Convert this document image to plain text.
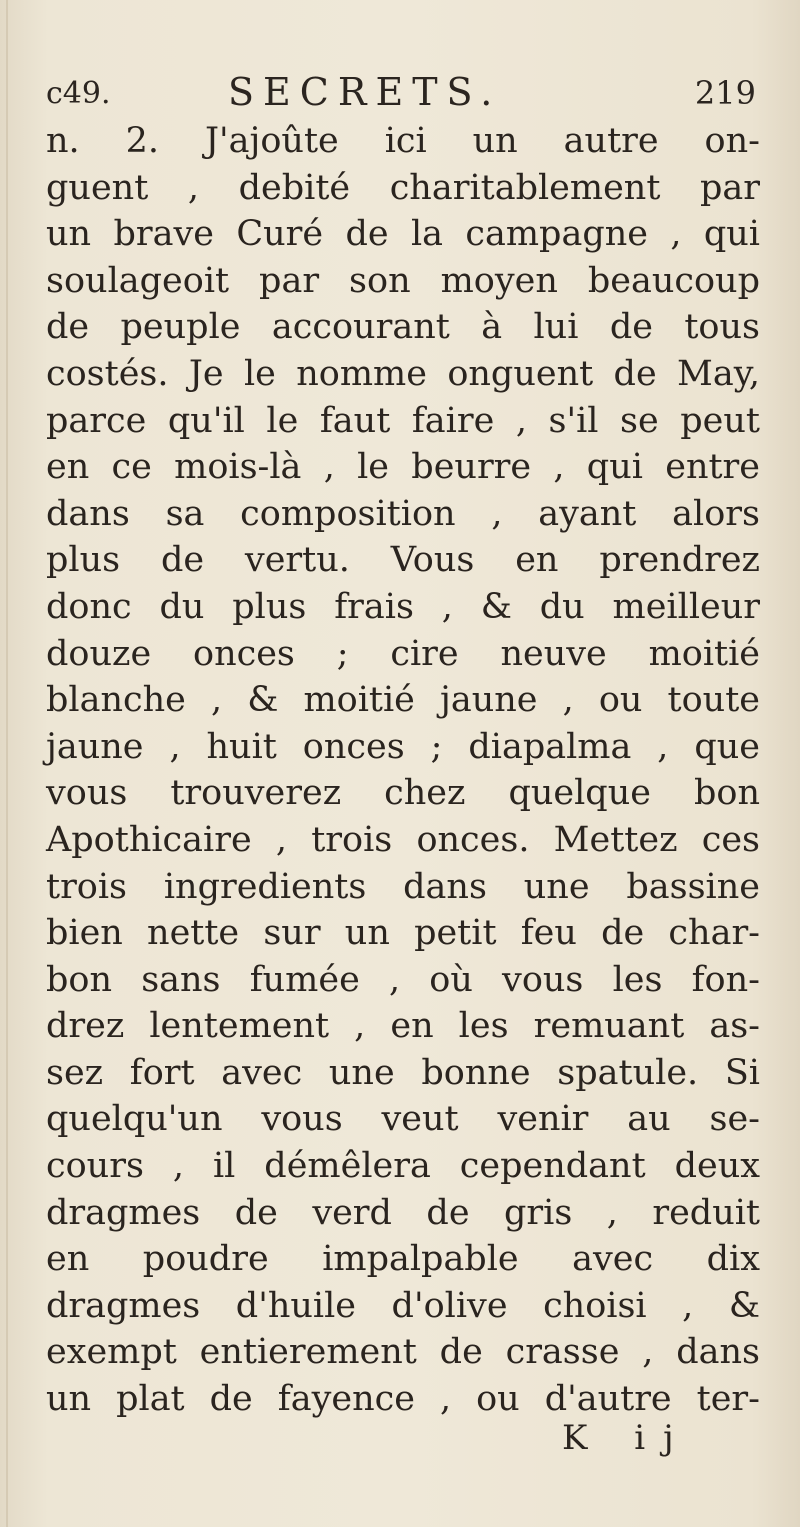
c49.	SECRETS.	219
n. 2. J'ajoûte ici un autre on-
guent , debité charitablement par
un brave Curé de la campagne , qui
soulageoit par son moyen beaucoup
de peuple accourant à lui de tous
costés. Je le nomme onguent de May,
parce qu'il le faut faire , s'il se peut
en ce mois-là , le beurre , qui entre
dans sa composition , ayant alors
plus de vertu. Vous en prendrez
donc du plus frais , & du meilleur
douze onces ; cire neuve moitié
blanche , & moitié jaune , ou toute
jaune , huit onces ; diapalma , que
vous trouverez chez quelque bon
Apothicaire , trois onces. Mettez ces
trois ingredients dans une bassine
bien nette sur un petit feu de char-
bon sans fumée , où vous les fon-
drez lentement , en les remuant as-
sez fort avec une bonne spatule. Si
quelqu'un vous veut venir au se-
cours , il démêlera cependant deux
dragmes de verd de gris , reduit
en poudre impalpable avec dix
dragmes d'huile d'olive choisi , &
exempt entierement de crasse , dans
un plat de fayence , ou d'autre ter-
K ij
